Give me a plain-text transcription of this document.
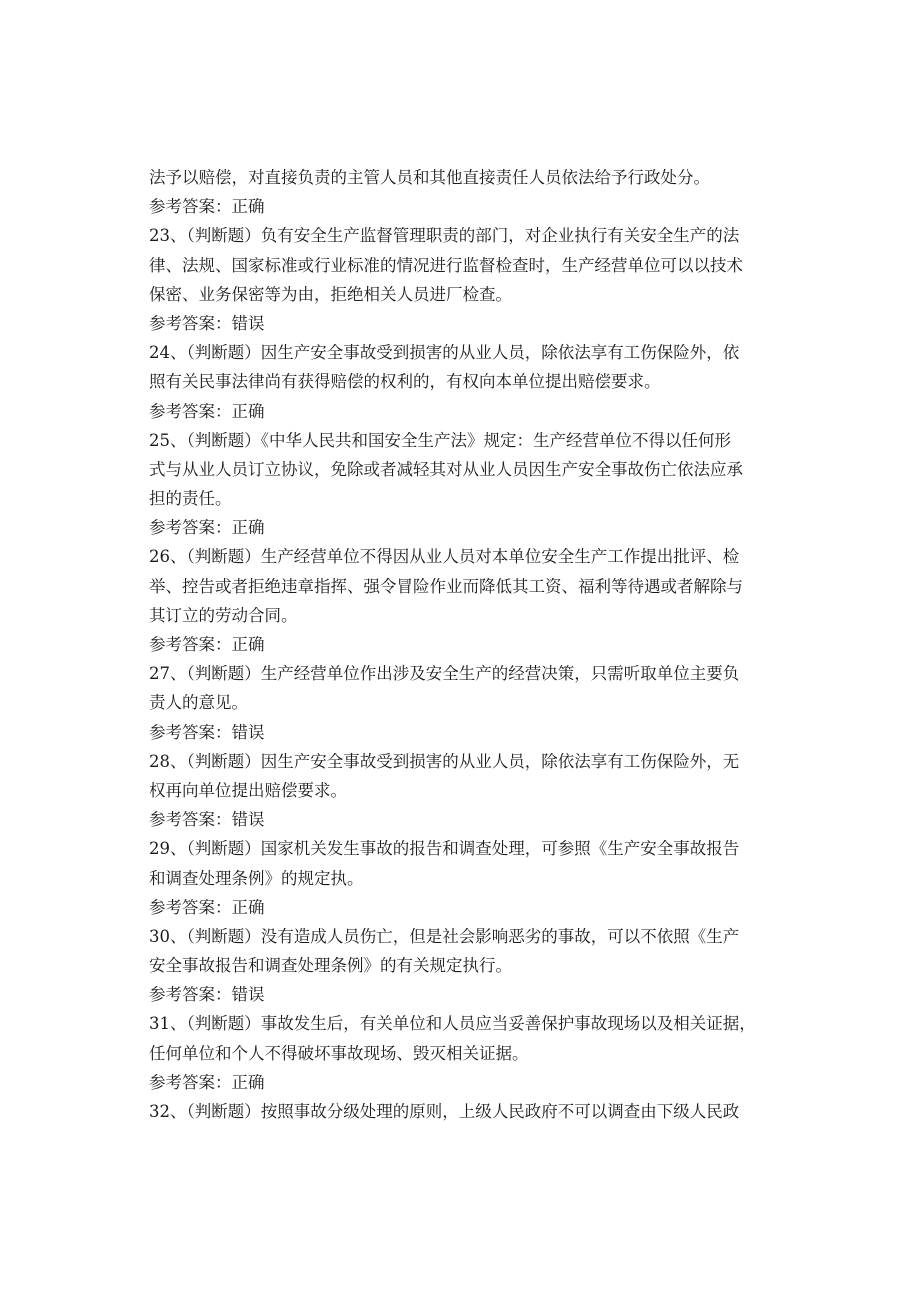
法予以赔偿，对直接负责的主管人员和其他直接责任人员依法给予行政处分。
参考答案：正确
23、（判断题）负有安全生产监督管理职责的部门，对企业执行有关安全生产的法
律、法规、国家标准或行业标准的情况进行监督检查时，生产经营单位可以以技术
保密、业务保密等为由，拒绝相关人员进厂检查。
参考答案：错误
24、（判断题）因生产安全事故受到损害的从业人员，除依法享有工伤保险外，依
照有关民事法律尚有获得赔偿的权利的，有权向本单位提出赔偿要求。
参考答案：正确
25、（判断题）《中华人民共和国安全生产法》规定：生产经营单位不得以任何形
式与从业人员订立协议，免除或者减轻其对从业人员因生产安全事故伤亡依法应承
担的责任。
参考答案：正确
26、（判断题）生产经营单位不得因从业人员对本单位安全生产工作提出批评、检
举、控告或者拒绝违章指挥、强令冒险作业而降低其工资、福利等待遇或者解除与
其订立的劳动合同。
参考答案：正确
27、（判断题）生产经营单位作出涉及安全生产的经营决策，只需听取单位主要负
责人的意见。
参考答案：错误
28、（判断题）因生产安全事故受到损害的从业人员，除依法享有工伤保险外，无
权再向单位提出赔偿要求。
参考答案：错误
29、（判断题）国家机关发生事故的报告和调查处理，可参照《生产安全事故报告
和调查处理条例》的规定执。
参考答案：正确
30、（判断题）没有造成人员伤亡，但是社会影响恶劣的事故，可以不依照《生产
安全事故报告和调查处理条例》的有关规定执行。
参考答案：错误
31、（判断题）事故发生后，有关单位和人员应当妥善保护事故现场以及相关证据，
任何单位和个人不得破坏事故现场、毁灭相关证据。
参考答案：正确
32、（判断题）按照事故分级处理的原则，上级人民政府不可以调查由下级人民政
